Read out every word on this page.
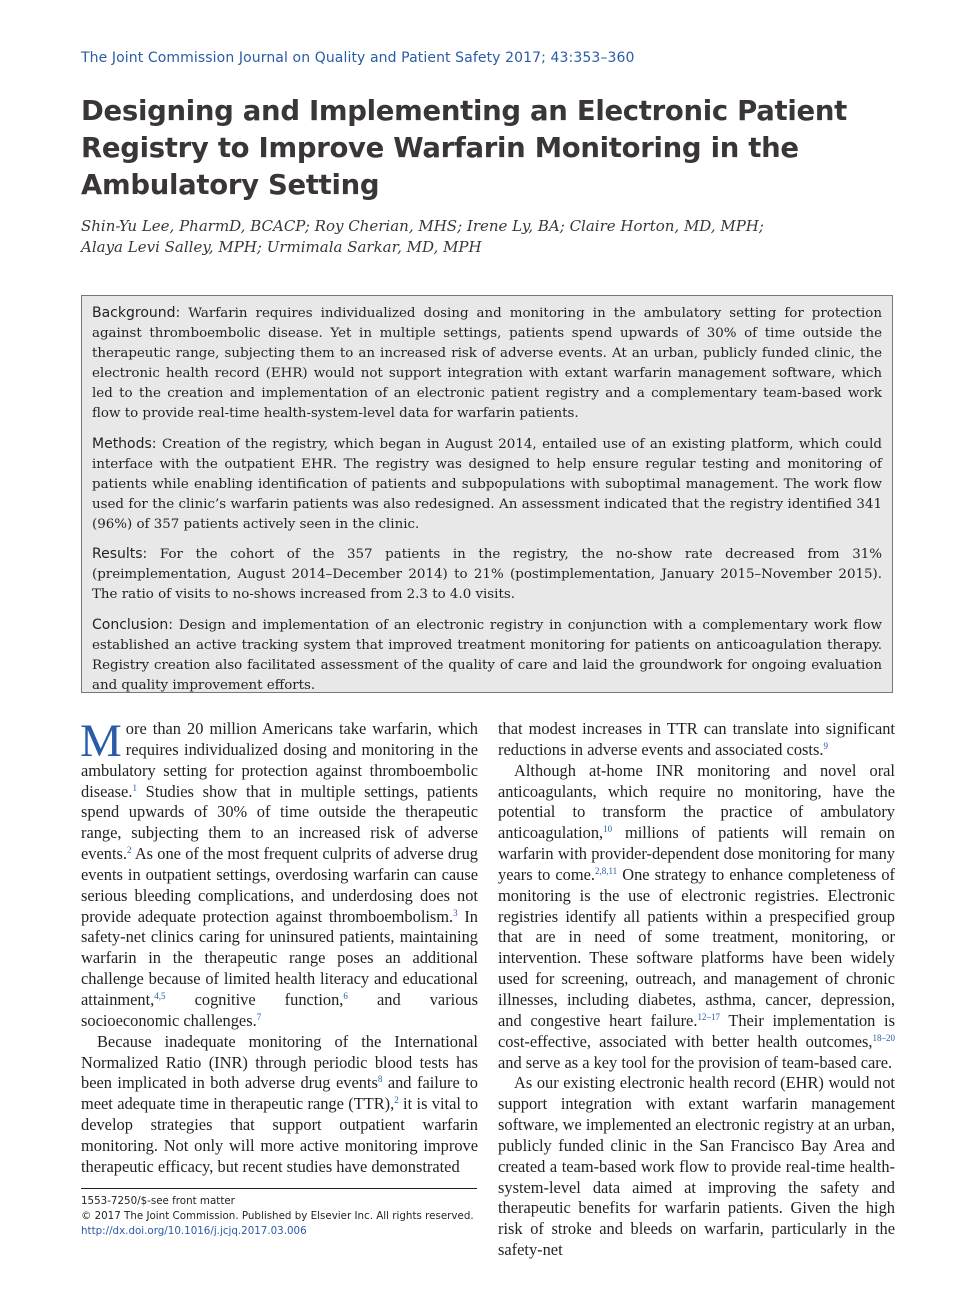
The Joint Commission Journal on Quality and Patient Safety 2017; 43:353–360
Designing and Implementing an Electronic Patient
Registry to Improve Warfarin Monitoring in the
Ambulatory Setting
Shin-Yu Lee, PharmD, BCACP; Roy Cherian, MHS; Irene Ly, BA; Claire Horton, MD, MPH;
Alaya Levi Salley, MPH; Urmimala Sarkar, MD, MPH

Background: Warfarin requires individualized dosing and monitoring in the ambulatory setting for protection against thromboembolic disease. Yet in multiple settings, patients spend upwards of 30% of time outside the therapeutic range, subjecting them to an increased risk of adverse events. At an urban, publicly funded clinic, the electronic health record (EHR) would not support integration with extant warfarin management software, which led to the creation and implementation of an electronic patient registry and a complementary team-based work flow to provide real-time health-system-level data for warfarin patients.

Methods: Creation of the registry, which began in August 2014, entailed use of an existing platform, which could interface with the outpatient EHR. The registry was designed to help ensure regular testing and monitoring of patients while enabling identification of patients and subpopulations with suboptimal management. The work flow used for the clinic’s warfarin patients was also redesigned. An assessment indicated that the registry identified 341 (96%) of 357 patients actively seen in the clinic.

Results: For the cohort of the 357 patients in the registry, the no-show rate decreased from 31% (preimplementation, August 2014–December 2014) to 21% (postimplementation, January 2015–November 2015). The ratio of visits to no-shows increased from 2.3 to 4.0 visits.

Conclusion: Design and implementation of an electronic registry in conjunction with a complementary work flow established an active tracking system that improved treatment monitoring for patients on anticoagulation therapy. Registry creation also facilitated assessment of the quality of care and laid the groundwork for ongoing evaluation and quality improvement efforts.

More than 20 million Americans take warfarin, which requires individualized dosing and monitoring in the ambulatory setting for protection against thromboembolic disease.$^1$ Studies show that in multiple settings, patients spend upwards of 30% of time outside the therapeutic range, subjecting them to an increased risk of adverse events.$^2$ As one of the most frequent culprits of adverse drug events in outpatient settings, overdosing warfarin can cause serious bleeding complications, and underdosing does not provide adequate protection against thromboembolism.$^3$ In safety-net clinics caring for uninsured patients, maintaining warfarin in the therapeutic range poses an additional challenge because of limited health literacy and educational attainment,$^{4,5}$ cognitive function,$^6$ and various socioeconomic challenges.$^7$

Because inadequate monitoring of the International Normalized Ratio (INR) through periodic blood tests has been implicated in both adverse drug events$^8$ and failure to meet adequate time in therapeutic range (TTR),$^2$ it is vital to develop strategies that support outpatient warfarin monitoring. Not only will more active monitoring improve therapeutic efficacy, but recent studies have demonstrated

that modest increases in TTR can translate into significant reductions in adverse events and associated costs.$^9$

Although at-home INR monitoring and novel oral anticoagulants, which require no monitoring, have the potential to transform the practice of ambulatory anticoagulation,$^{10}$ millions of patients will remain on warfarin with provider-dependent dose monitoring for many years to come.$^{2,8,11}$ One strategy to enhance completeness of monitoring is the use of electronic registries. Electronic registries identify all patients within a prespecified group that are in need of some treatment, monitoring, or intervention. These software platforms have been widely used for screening, outreach, and management of chronic illnesses, including diabetes, asthma, cancer, depression, and congestive heart failure.$^{12-17}$ Their implementation is cost-effective, associated with better health outcomes,$^{18-20}$ and serve as a key tool for the provision of team-based care.

As our existing electronic health record (EHR) would not support integration with extant warfarin management software, we implemented an electronic registry at an urban, publicly funded clinic in the San Francisco Bay Area and created a team-based work flow to provide real-time health-system-level data aimed at improving the safety and therapeutic benefits for warfarin patients. Given the high risk of stroke and bleeds on warfarin, particularly in the safety-net

1553-7250/$-see front matter
© 2017 The Joint Commission. Published by Elsevier Inc. All rights reserved.
http://dx.doi.org/10.1016/j.jcjq.2017.03.006
